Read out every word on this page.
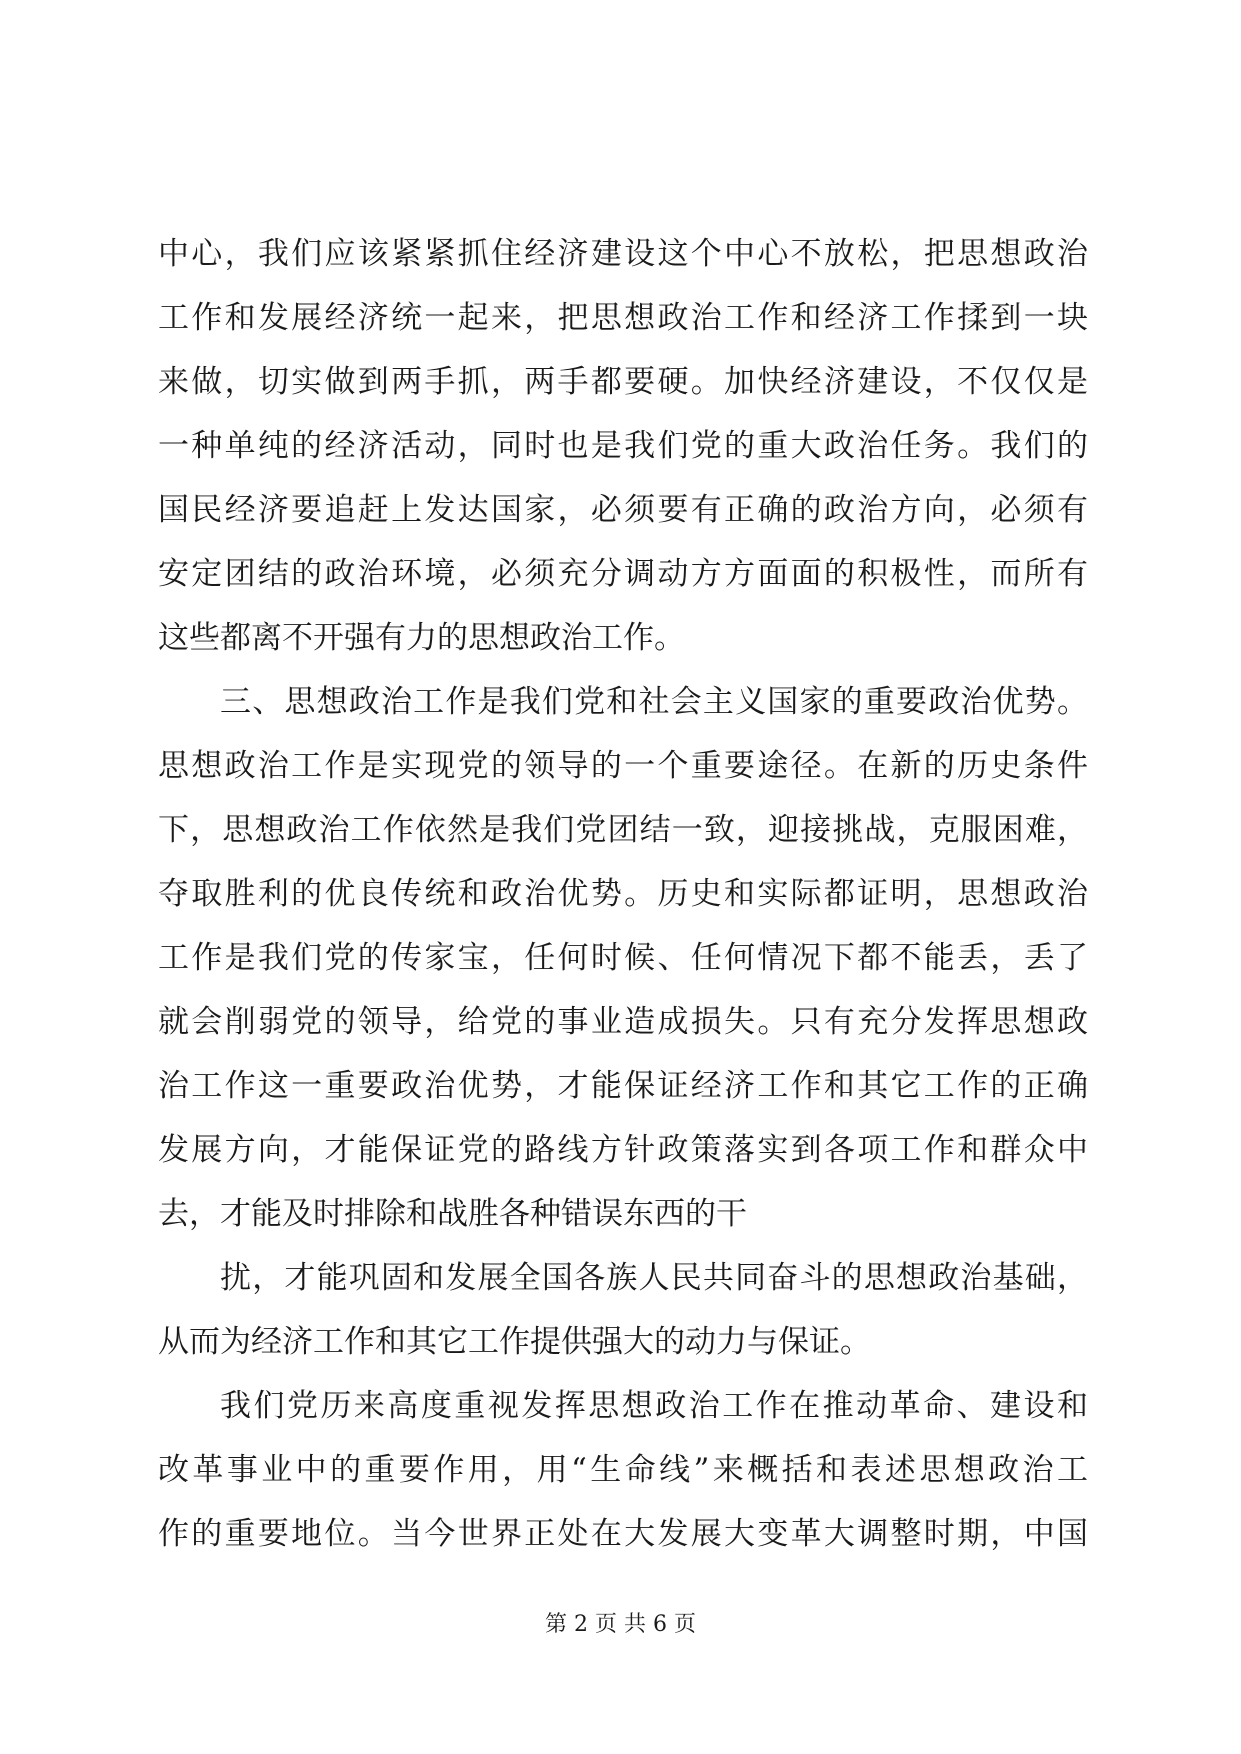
中心，我们应该紧紧抓住经济建设这个中心不放松，把思想政治
工作和发展经济统一起来，把思想政治工作和经济工作揉到一块
来做，切实做到两手抓，两手都要硬。加快经济建设，不仅仅是
一种单纯的经济活动，同时也是我们党的重大政治任务。我们的
国民经济要追赶上发达国家，必须要有正确的政治方向，必须有
安定团结的政治环境，必须充分调动方方面面的积极性，而所有
这些都离不开强有力的思想政治工作。
三、思想政治工作是我们党和社会主义国家的重要政治优势。
思想政治工作是实现党的领导的一个重要途径。在新的历史条件
下，思想政治工作依然是我们党团结一致，迎接挑战，克服困难，
夺取胜利的优良传统和政治优势。历史和实际都证明，思想政治
工作是我们党的传家宝，任何时候、任何情况下都不能丢，丢了
就会削弱党的领导，给党的事业造成损失。只有充分发挥思想政
治工作这一重要政治优势，才能保证经济工作和其它工作的正确
发展方向，才能保证党的路线方针政策落实到各项工作和群众中
去，才能及时排除和战胜各种错误东西的干
扰，才能巩固和发展全国各族人民共同奋斗的思想政治基础，
从而为经济工作和其它工作提供强大的动力与保证。
我们党历来高度重视发挥思想政治工作在推动革命、建设和
改革事业中的重要作用，用“生命线”来概括和表述思想政治工
作的重要地位。当今世界正处在大发展大变革大调整时期，中国
第 2 页 共 6 页
